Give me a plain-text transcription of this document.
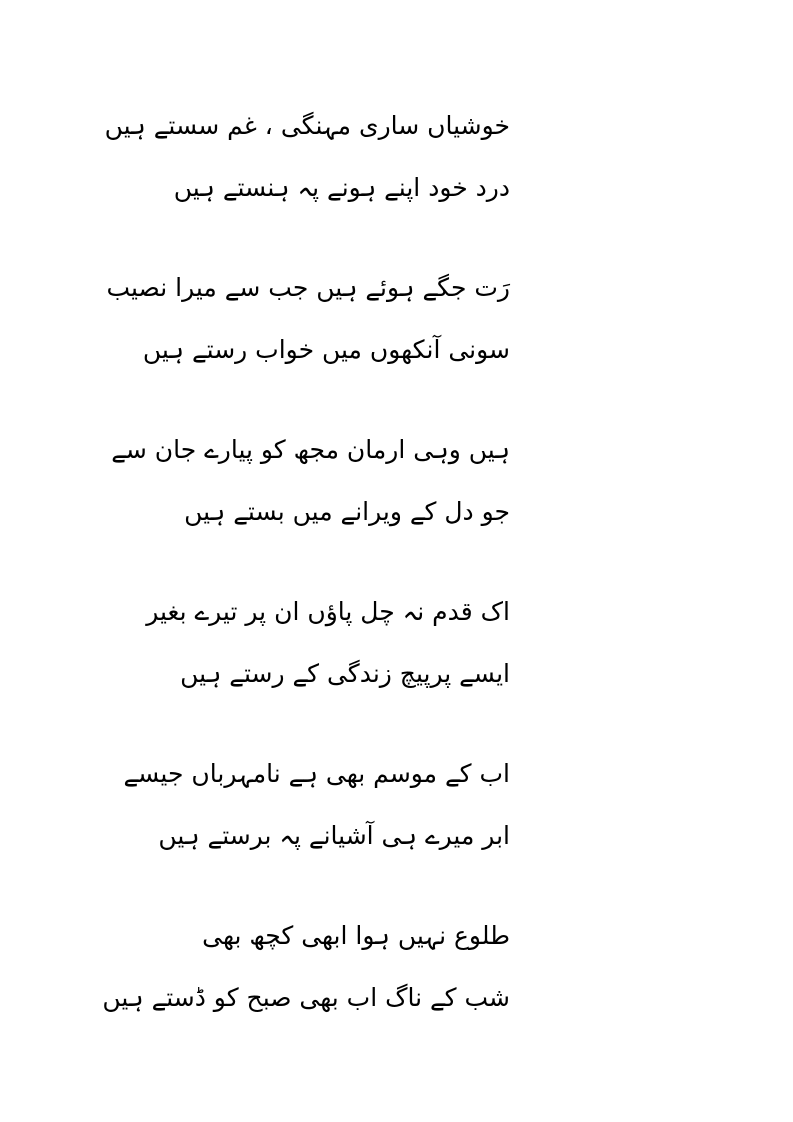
خوشیاں ساری مہنگی ، غم سستے ہیں
درد خود اپنے ہونے پہ ہنستے ہیں
رَت جگے ہوئے ہیں جب سے میرا نصیب
سونی آنکھوں میں خواب رستے ہیں
ہیں وہی ارمان مجھ کو پیارے جان سے
جو دل کے ویرانے میں بستے ہیں
اک قدم نہ چل پاؤں ان پر تیرے بغیر
ایسے پرپیچ زندگی کے رستے ہیں
اب کے موسم بھی ہے نامہرباں جیسے
ابر میرے ہی آشیانے پہ برستے ہیں
طلوع نہیں ہوا ابھی کچھ بھی
شب کے ناگ اب بھی صبح کو ڈستے ہیں
